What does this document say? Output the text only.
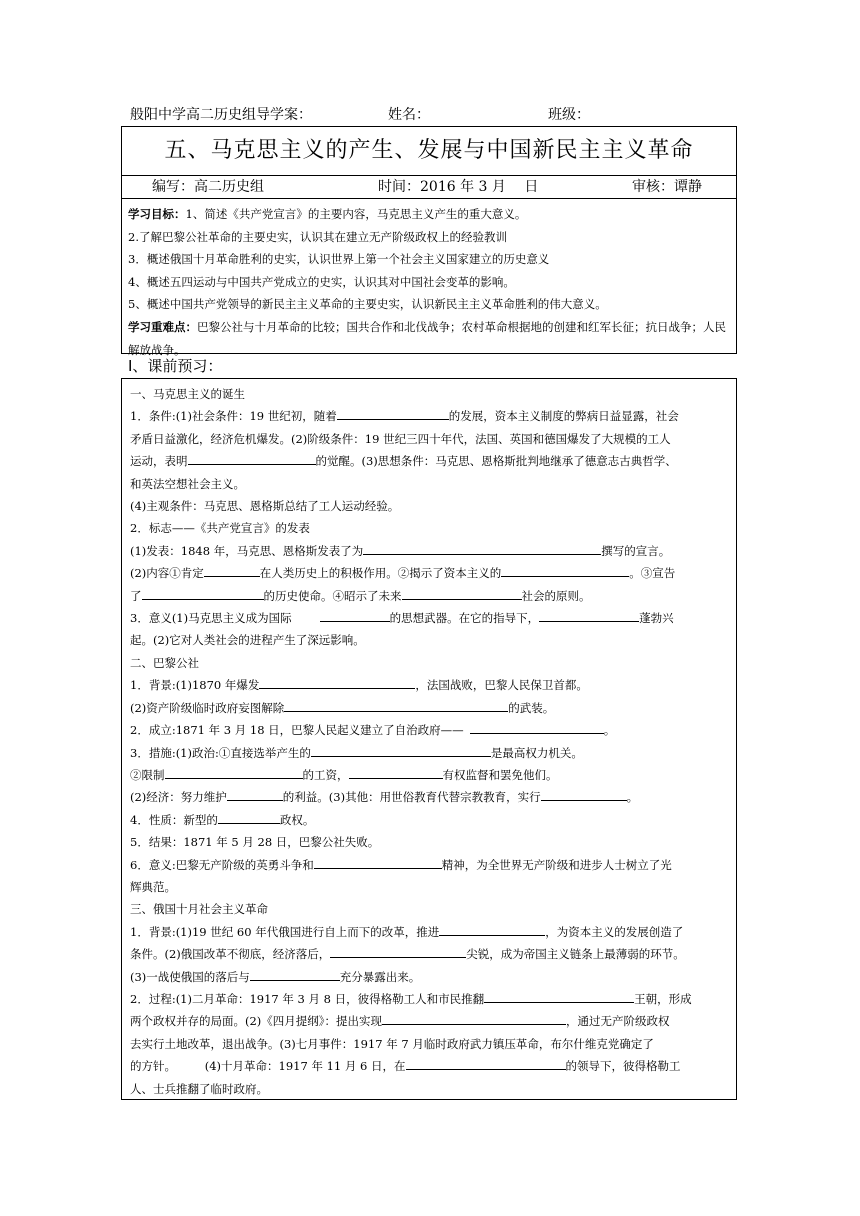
般阳中学高二历史组导学案：	姓名：	班级：
五、马克思主义的产生、发展与中国新民主主义革命
编写：高二历史组	时间：2016 年 3 月　 日	审核：谭静

学习目标：1、简述《共产党宣言》的主要内容，马克思主义产生的重大意义。

2.了解巴黎公社革命的主要史实，认识其在建立无产阶级政权上的经验教训

3．概述俄国十月革命胜利的史实，认识世界上第一个社会主义国家建立的历史意义

4、概述五四运动与中国共产党成立的史实，认识其对中国社会变革的影响。

5、概述中国共产党领导的新民主主义革命的主要史实，认识新民主主义革命胜利的伟大意义。

学习重难点：巴黎公社与十月革命的比较；国共合作和北伐战争；农村革命根据地的创建和红军长征；抗日战争；人民解放战争。

Ⅰ、课前预习：

一、马克思主义的诞生

1．条件:(1)社会条件：19 世纪初，随着	的发展，资本主义制度的弊病日益显露，社会

矛盾日益激化，经济危机爆发。(2)阶级条件：19 世纪三四十年代，法国、英国和德国爆发了大规模的工人

运动，表明	的觉醒。(3)思想条件：马克思、恩格斯批判地继承了德意志古典哲学、

和英法空想社会主义。

(4)主观条件：马克思、恩格斯总结了工人运动经验。

2．标志——《共产党宣言》的发表

(1)发表：1848 年，马克思、恩格斯发表了为	撰写的宣言。

(2)内容①肯定	在人类历史上的积极作用。②揭示了资本主义的	。③宣告

了	的历史使命。④昭示了未来	社会的原则。

3．意义(1)马克思主义成为国际	的思想武器。在它的指导下，	蓬勃兴

起。(2)它对人类社会的进程产生了深远影响。

二、巴黎公社

1．背景:(1)1870 年爆发	，法国战败，巴黎人民保卫首都。

(2)资产阶级临时政府妄图解除	的武装。

2．成立:1871 年 3 月 18 日，巴黎人民起义建立了自治政府——	。

3．措施:(1)政治:①直接选举产生的	是最高权力机关。

②限制	的工资，	有权监督和罢免他们。

(2)经济：努力维护	的利益。(3)其他：用世俗教育代替宗教教育，实行	。

4．性质：新型的	政权。

5．结果：1871 年 5 月 28 日，巴黎公社失败。

6．意义:巴黎无产阶级的英勇斗争和	精神，为全世界无产阶级和进步人士树立了光

辉典范。

三、俄国十月社会主义革命

1．背景:(1)19 世纪 60 年代俄国进行自上而下的改革，推进	，为资本主义的发展创造了

条件。(2)俄国改革不彻底，经济落后，	尖锐，成为帝国主义链条上最薄弱的环节。

(3)一战使俄国的落后与	充分暴露出来。

2．过程:(1)二月革命：1917 年 3 月 8 日，彼得格勒工人和市民推翻	王朝，形成

两个政权并存的局面。(2)《四月提纲》：提出实现	，通过无产阶级政权

去实行土地改革，退出战争。(3)七月事件：1917 年 7 月临时政府武力镇压革命，布尔什维克党确定了

的方针。　　　(4)十月革命：1917 年 11 月 6 日，在	的领导下，彼得格勒工

人、士兵推翻了临时政府。
